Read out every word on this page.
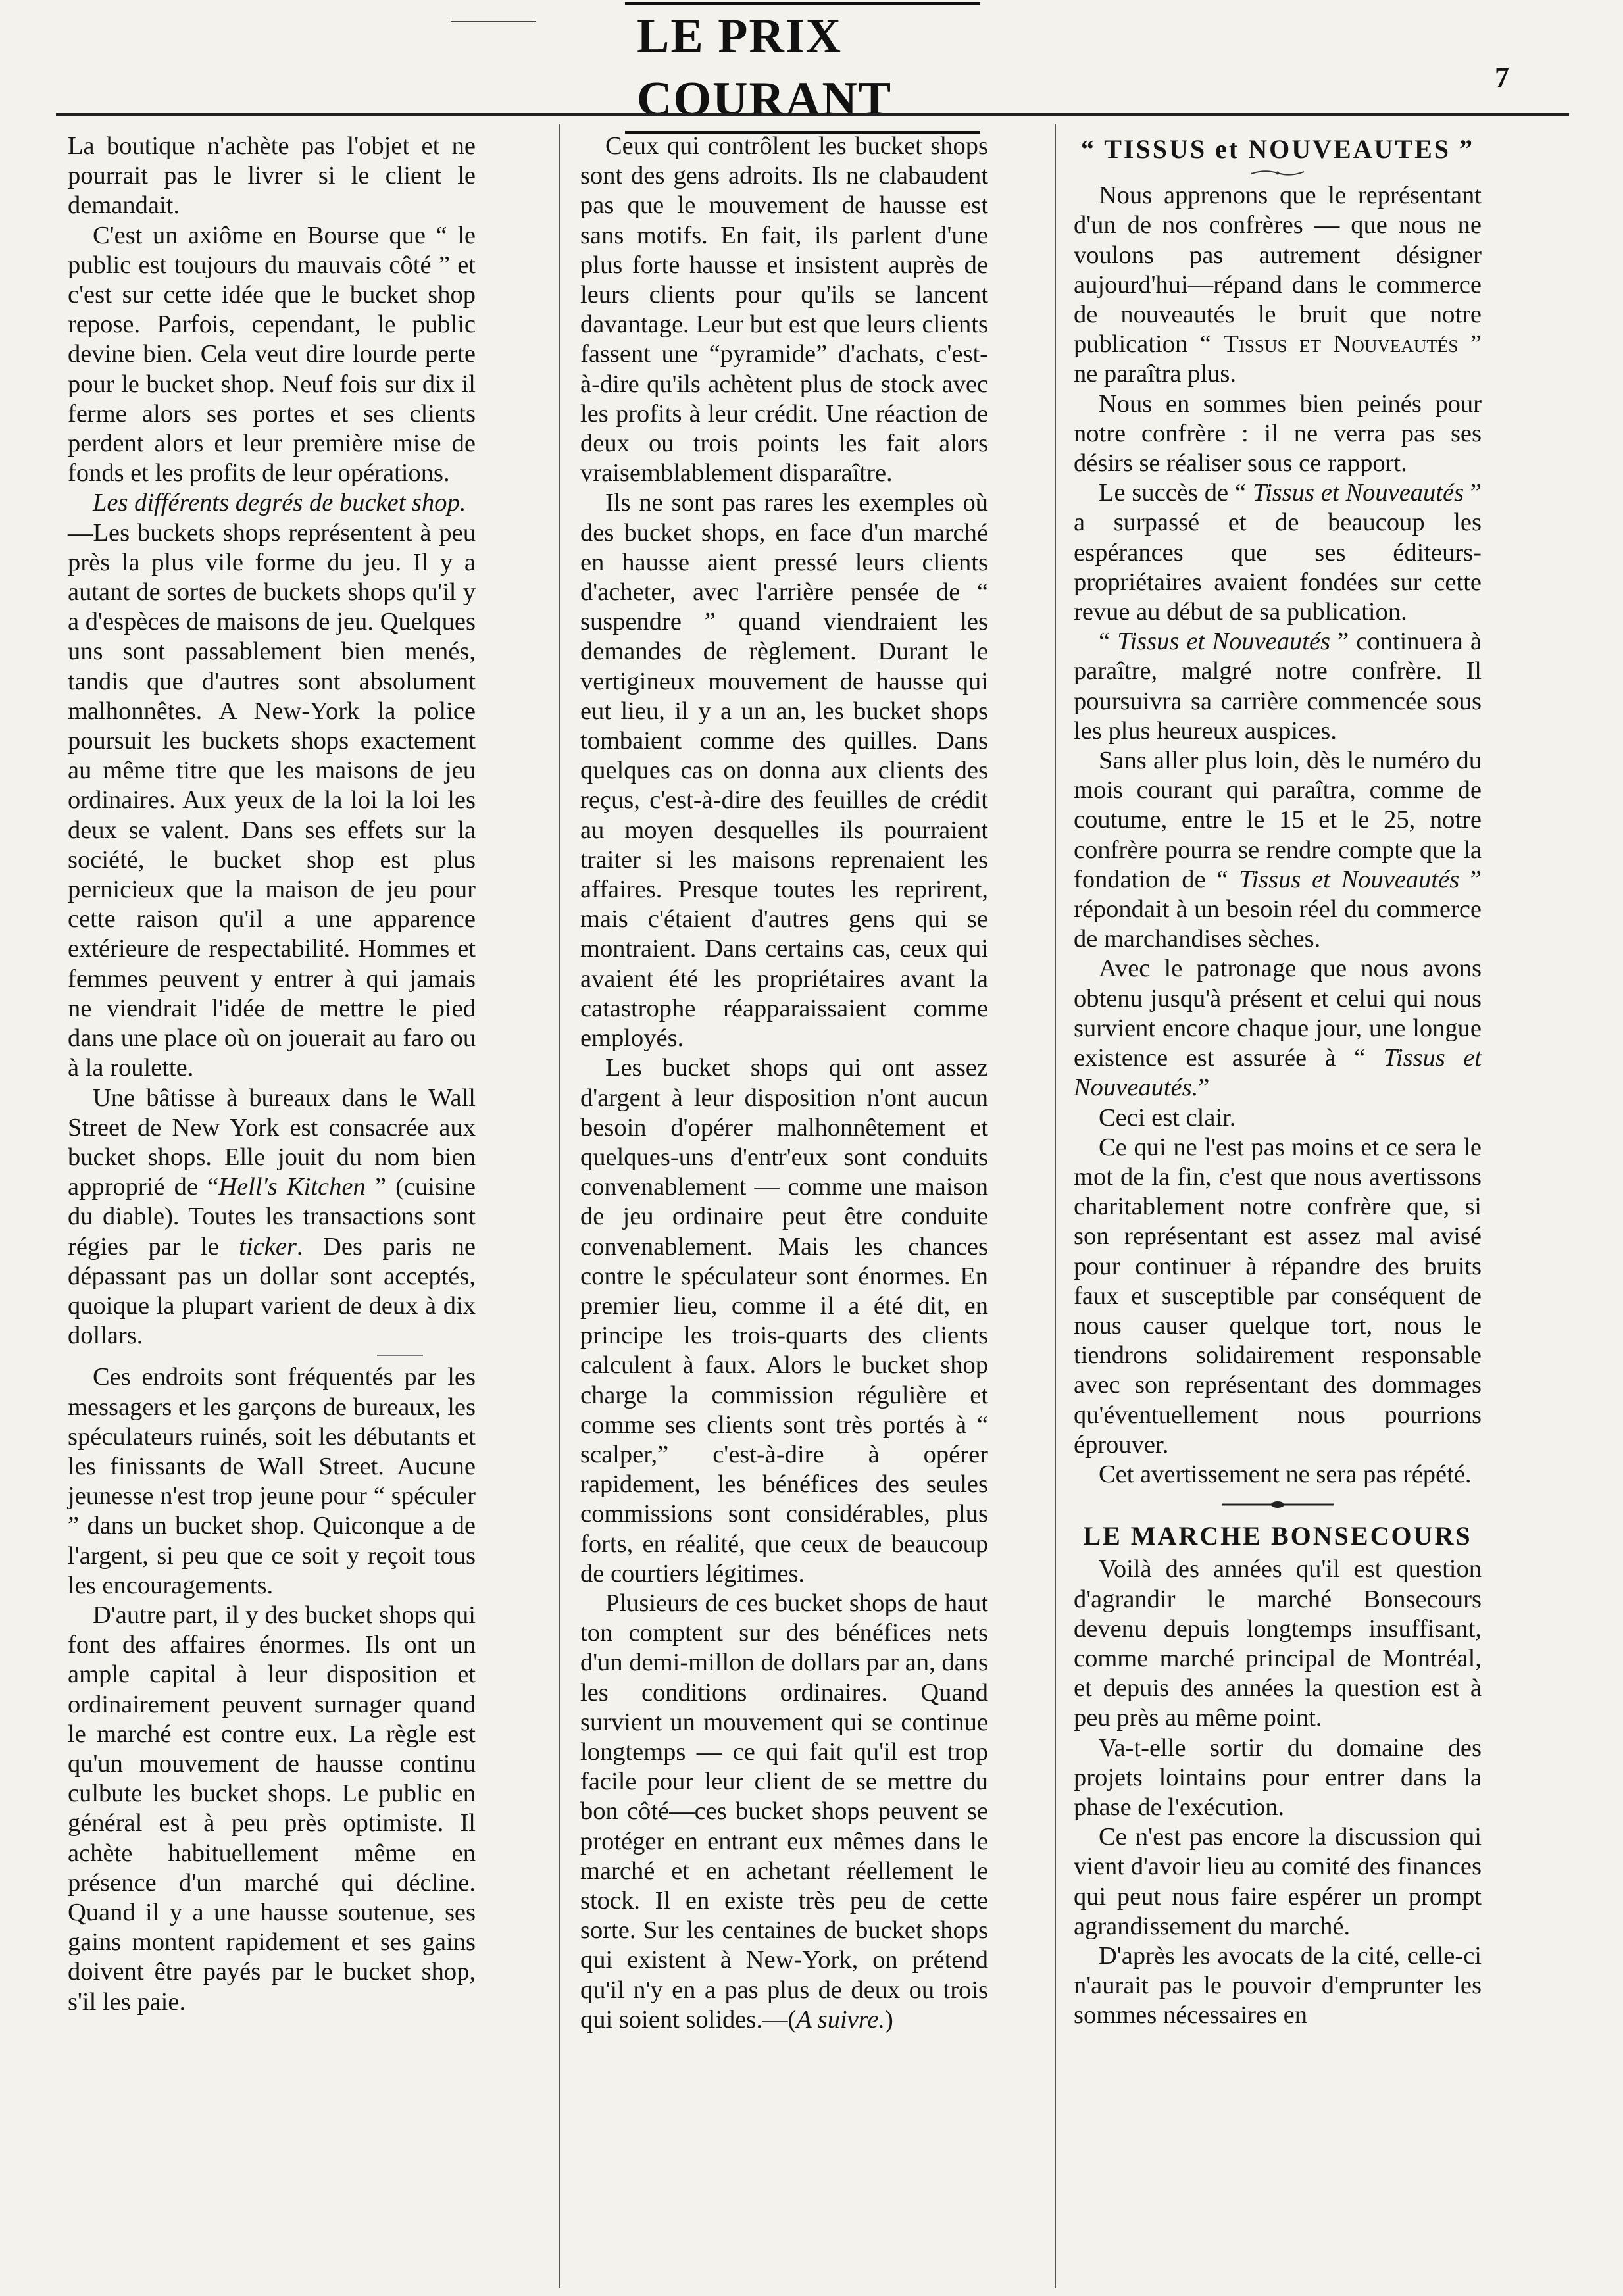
LE PRIX COURANT	7

La boutique n'achète pas l'objet et ne pourrait pas le livrer si le client le demandait.

C'est un axiôme en Bourse que “ le public est toujours du mauvais côté ” et c'est sur cette idée que le bucket shop repose. Parfois, cependant, le public devine bien. Cela veut dire lourde perte pour le bucket shop. Neuf fois sur dix il ferme alors ses portes et ses clients perdent alors et leur première mise de fonds et les profits de leur opérations.

Les différents degrés de bucket shop.

—Les buckets shops représentent à peu près la plus vile forme du jeu. Il y a autant de sortes de buckets shops qu'il y a d'espèces de maisons de jeu. Quelques uns sont passablement bien menés, tandis que d'autres sont absolument malhonnêtes. A New-York la police poursuit les buckets shops exactement au même titre que les maisons de jeu ordinaires. Aux yeux de la loi la loi les deux se valent. Dans ses effets sur la société, le bucket shop est plus pernicieux que la maison de jeu pour cette raison qu'il a une apparence extérieure de respectabilité. Hommes et femmes peuvent y entrer à qui jamais ne viendrait l'idée de mettre le pied dans une place où on jouerait au faro ou à la roulette.

Une bâtisse à bureaux dans le Wall Street de New York est consacrée aux bucket shops. Elle jouit du nom bien approprié de “Hell's Kitchen ” (cuisine du diable). Toutes les transactions sont régies par le ticker. Des paris ne dépassant pas un dollar sont acceptés, quoique la plupart varient de deux à dix dollars.

Ces endroits sont fréquentés par les messagers et les garçons de bureaux, les spéculateurs ruinés, soit les débutants et les finissants de Wall Street. Aucune jeunesse n'est trop jeune pour “ spéculer ” dans un bucket shop. Quiconque a de l'argent, si peu que ce soit y reçoit tous les encouragements.

D'autre part, il y des bucket shops qui font des affaires énormes. Ils ont un ample capital à leur disposition et ordinairement peuvent surnager quand le marché est contre eux. La règle est qu'un mouvement de hausse continu culbute les bucket shops. Le public en général est à peu près optimiste. Il achète habituellement même en présence d'un marché qui décline. Quand il y a une hausse soutenue, ses gains montent rapidement et ses gains doivent être payés par le bucket shop, s'il les paie.

Ceux qui contrôlent les bucket shops sont des gens adroits. Ils ne clabaudent pas que le mouvement de hausse est sans motifs. En fait, ils parlent d'une plus forte hausse et insistent auprès de leurs clients pour qu'ils se lancent davantage. Leur but est que leurs clients fassent une “pyramide” d'achats, c'est-à-dire qu'ils achètent plus de stock avec les profits à leur crédit. Une réaction de deux ou trois points les fait alors vraisemblablement disparaître.

Ils ne sont pas rares les exemples où des bucket shops, en face d'un marché en hausse aient pressé leurs clients d'acheter, avec l'arrière pensée de “ suspendre ” quand viendraient les demandes de règlement. Durant le vertigineux mouvement de hausse qui eut lieu, il y a un an, les bucket shops tombaient comme des quilles. Dans quelques cas on donna aux clients des reçus, c'est-à-dire des feuilles de crédit au moyen desquelles ils pourraient traiter si les maisons reprenaient les affaires. Presque toutes les reprirent, mais c'étaient d'autres gens qui se montraient. Dans certains cas, ceux qui avaient été les propriétaires avant la catastrophe réapparaissaient comme employés.

Les bucket shops qui ont assez d'argent à leur disposition n'ont aucun besoin d'opérer malhonnêtement et quelques-uns d'entr'eux sont conduits convenablement — comme une maison de jeu ordinaire peut être conduite convenablement. Mais les chances contre le spéculateur sont énormes. En premier lieu, comme il a été dit, en principe les trois-quarts des clients calculent à faux. Alors le bucket shop charge la commission régulière et comme ses clients sont très portés à “ scalper,” c'est-à-dire à opérer rapidement, les bénéfices des seules commissions sont considérables, plus forts, en réalité, que ceux de beaucoup de courtiers légitimes.

Plusieurs de ces bucket shops de haut ton comptent sur des bénéfices nets d'un demi-millon de dollars par an, dans les conditions ordinaires. Quand survient un mouvement qui se continue longtemps — ce qui fait qu'il est trop facile pour leur client de se mettre du bon côté—ces bucket shops peuvent se protéger en entrant eux mêmes dans le marché et en achetant réellement le stock. Il en existe très peu de cette sorte. Sur les centaines de bucket shops qui existent à New-York, on prétend qu'il n'y en a pas plus de deux ou trois qui soient solides.—(A suivre.)

“ TISSUS et NOUVEAUTES ”

Nous apprenons que le représentant d'un de nos confrères — que nous ne voulons pas autrement désigner aujourd'hui—répand dans le commerce de nouveautés le bruit que notre publication “ Tissus et Nouveautés ” ne paraîtra plus.

Nous en sommes bien peinés pour notre confrère : il ne verra pas ses désirs se réaliser sous ce rapport.

Le succès de “ Tissus et Nouveautés ” a surpassé et de beaucoup les espérances que ses éditeurs-propriétaires avaient fondées sur cette revue au début de sa publication.

“ Tissus et Nouveautés ” continuera à paraître, malgré notre confrère. Il poursuivra sa carrière commencée sous les plus heureux auspices.

Sans aller plus loin, dès le numéro du mois courant qui paraîtra, comme de coutume, entre le 15 et le 25, notre confrère pourra se rendre compte que la fondation de “ Tissus et Nouveautés ” répondait à un besoin réel du commerce de marchandises sèches.

Avec le patronage que nous avons obtenu jusqu'à présent et celui qui nous survient encore chaque jour, une longue existence est assurée à “ Tissus et Nouveautés.”

Ceci est clair.

Ce qui ne l'est pas moins et ce sera le mot de la fin, c'est que nous avertissons charitablement notre confrère que, si son représentant est assez mal avisé pour continuer à répandre des bruits faux et susceptible par conséquent de nous causer quelque tort, nous le tiendrons solidairement responsable avec son représentant des dommages qu'éventuellement nous pourrions éprouver.

Cet avertissement ne sera pas répété.

LE MARCHE BONSECOURS

Voilà des années qu'il est question d'agrandir le marché Bonsecours devenu depuis longtemps insuffisant, comme marché principal de Montréal, et depuis des années la question est à peu près au même point.

Va-t-elle sortir du domaine des projets lointains pour entrer dans la phase de l'exécution.

Ce n'est pas encore la discussion qui vient d'avoir lieu au comité des finances qui peut nous faire espérer un prompt agrandissement du marché.

D'après les avocats de la cité, celle-ci n'aurait pas le pouvoir d'emprunter les sommes nécessaires en
